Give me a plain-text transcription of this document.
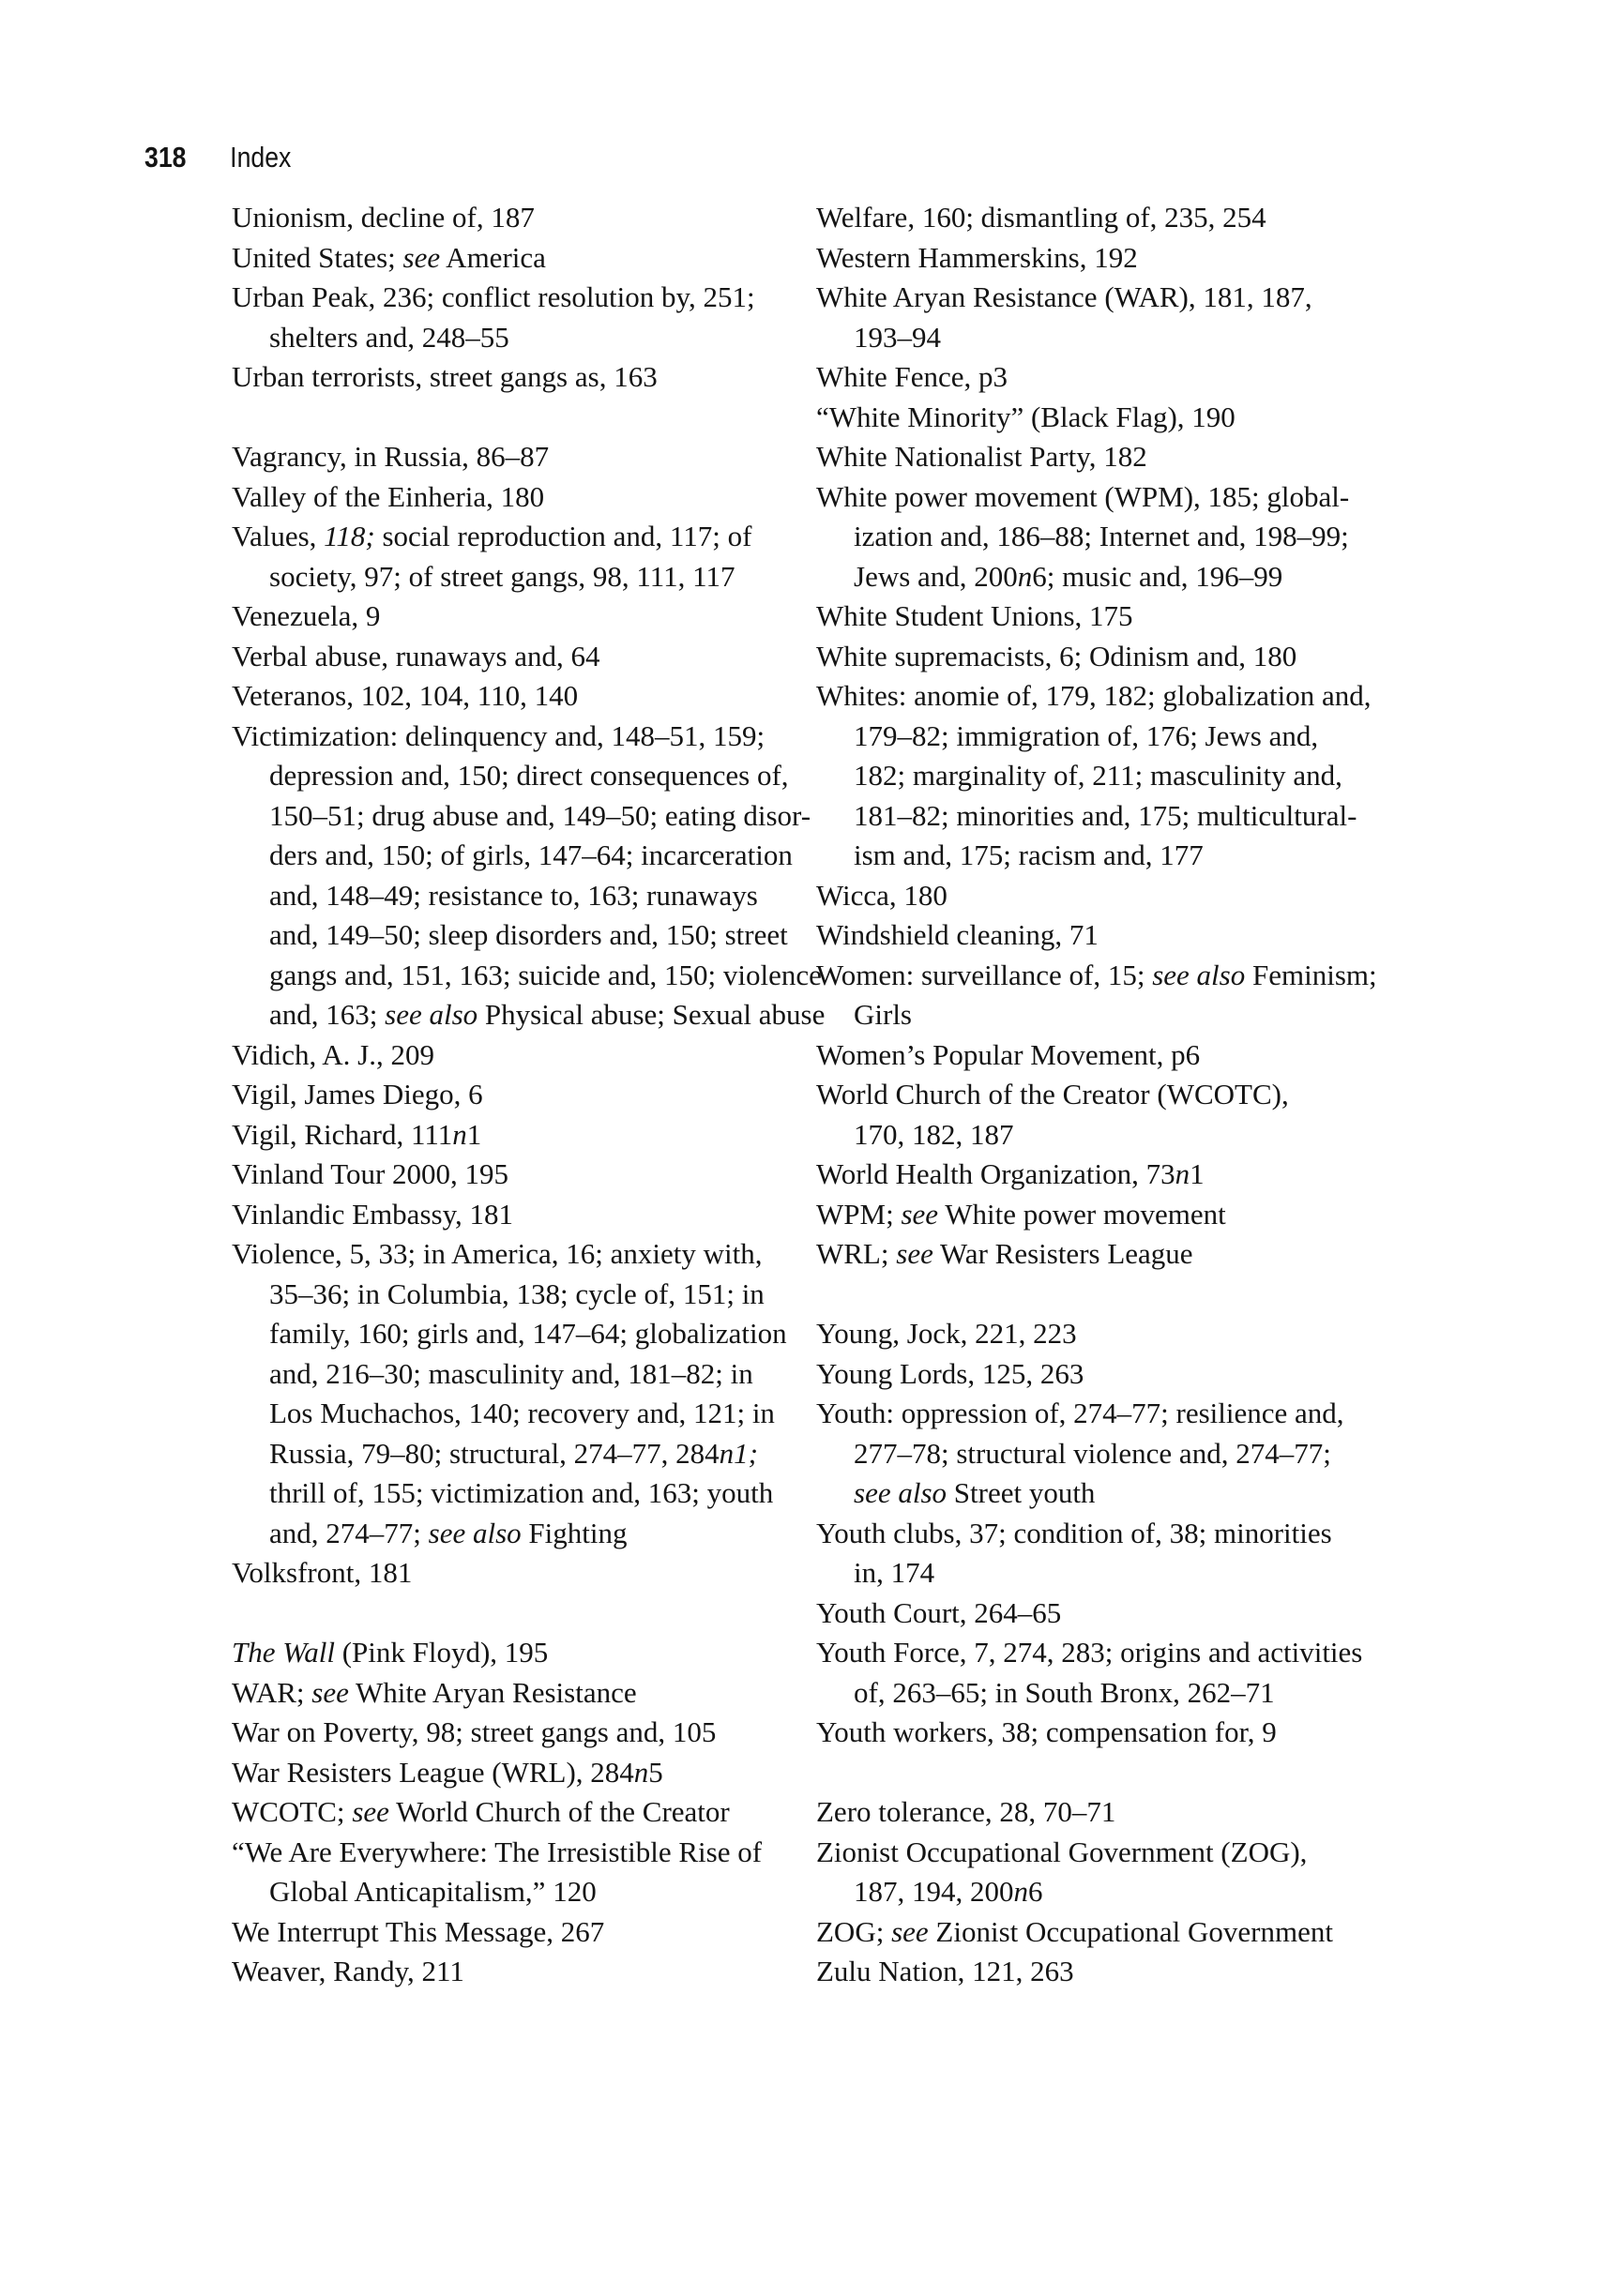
318	Index

Unionism, decline of, 187

United States; see America

Urban Peak, 236; conflict resolution by, 251;
shelters and, 248–55

Urban terrorists, street gangs as, 163

Vagrancy, in Russia, 86–87

Valley of the Einheria, 180

Values, 118; social reproduction and, 117; of
society, 97; of street gangs, 98, 111, 117

Venezuela, 9

Verbal abuse, runaways and, 64

Veteranos, 102, 104, 110, 140

Victimization: delinquency and, 148–51, 159;
depression and, 150; direct consequences of,
150–51; drug abuse and, 149–50; eating disor-
ders and, 150; of girls, 147–64; incarceration
and, 148–49; resistance to, 163; runaways
and, 149–50; sleep disorders and, 150; street
gangs and, 151, 163; suicide and, 150; violence
and, 163; see also Physical abuse; Sexual abuse

Vidich, A. J., 209

Vigil, James Diego, 6

Vigil, Richard, 111n1

Vinland Tour 2000, 195

Vinlandic Embassy, 181

Violence, 5, 33; in America, 16; anxiety with,
35–36; in Columbia, 138; cycle of, 151; in
family, 160; girls and, 147–64; globalization
and, 216–30; masculinity and, 181–82; in
Los Muchachos, 140; recovery and, 121; in
Russia, 79–80; structural, 274–77, 284n1;
thrill of, 155; victimization and, 163; youth
and, 274–77; see also Fighting

Volksfront, 181

The Wall (Pink Floyd), 195

WAR; see White Aryan Resistance

War on Poverty, 98; street gangs and, 105

War Resisters League (WRL), 284n5

WCOTC; see World Church of the Creator

“We Are Everywhere: The Irresistible Rise of
Global Anticapitalism,” 120

We Interrupt This Message, 267

Weaver, Randy, 211

Welfare, 160; dismantling of, 235, 254

Western Hammerskins, 192

White Aryan Resistance (WAR), 181, 187,
193–94

White Fence, p3

“White Minority” (Black Flag), 190

White Nationalist Party, 182

White power movement (WPM), 185; global-
ization and, 186–88; Internet and, 198–99;
Jews and, 200n6; music and, 196–99

White Student Unions, 175

White supremacists, 6; Odinism and, 180

Whites: anomie of, 179, 182; globalization and,
179–82; immigration of, 176; Jews and,
182; marginality of, 211; masculinity and,
181–82; minorities and, 175; multicultural-
ism and, 175; racism and, 177

Wicca, 180

Windshield cleaning, 71

Women: surveillance of, 15; see also Feminism;
Girls

Women’s Popular Movement, p6

World Church of the Creator (WCOTC),
170, 182, 187

World Health Organization, 73n1

WPM; see White power movement

WRL; see War Resisters League

Young, Jock, 221, 223

Young Lords, 125, 263

Youth: oppression of, 274–77; resilience and,
277–78; structural violence and, 274–77;
see also Street youth

Youth clubs, 37; condition of, 38; minorities
in, 174

Youth Court, 264–65

Youth Force, 7, 274, 283; origins and activities
of, 263–65; in South Bronx, 262–71

Youth workers, 38; compensation for, 9

Zero tolerance, 28, 70–71

Zionist Occupational Government (ZOG),
187, 194, 200n6

ZOG; see Zionist Occupational Government

Zulu Nation, 121, 263
